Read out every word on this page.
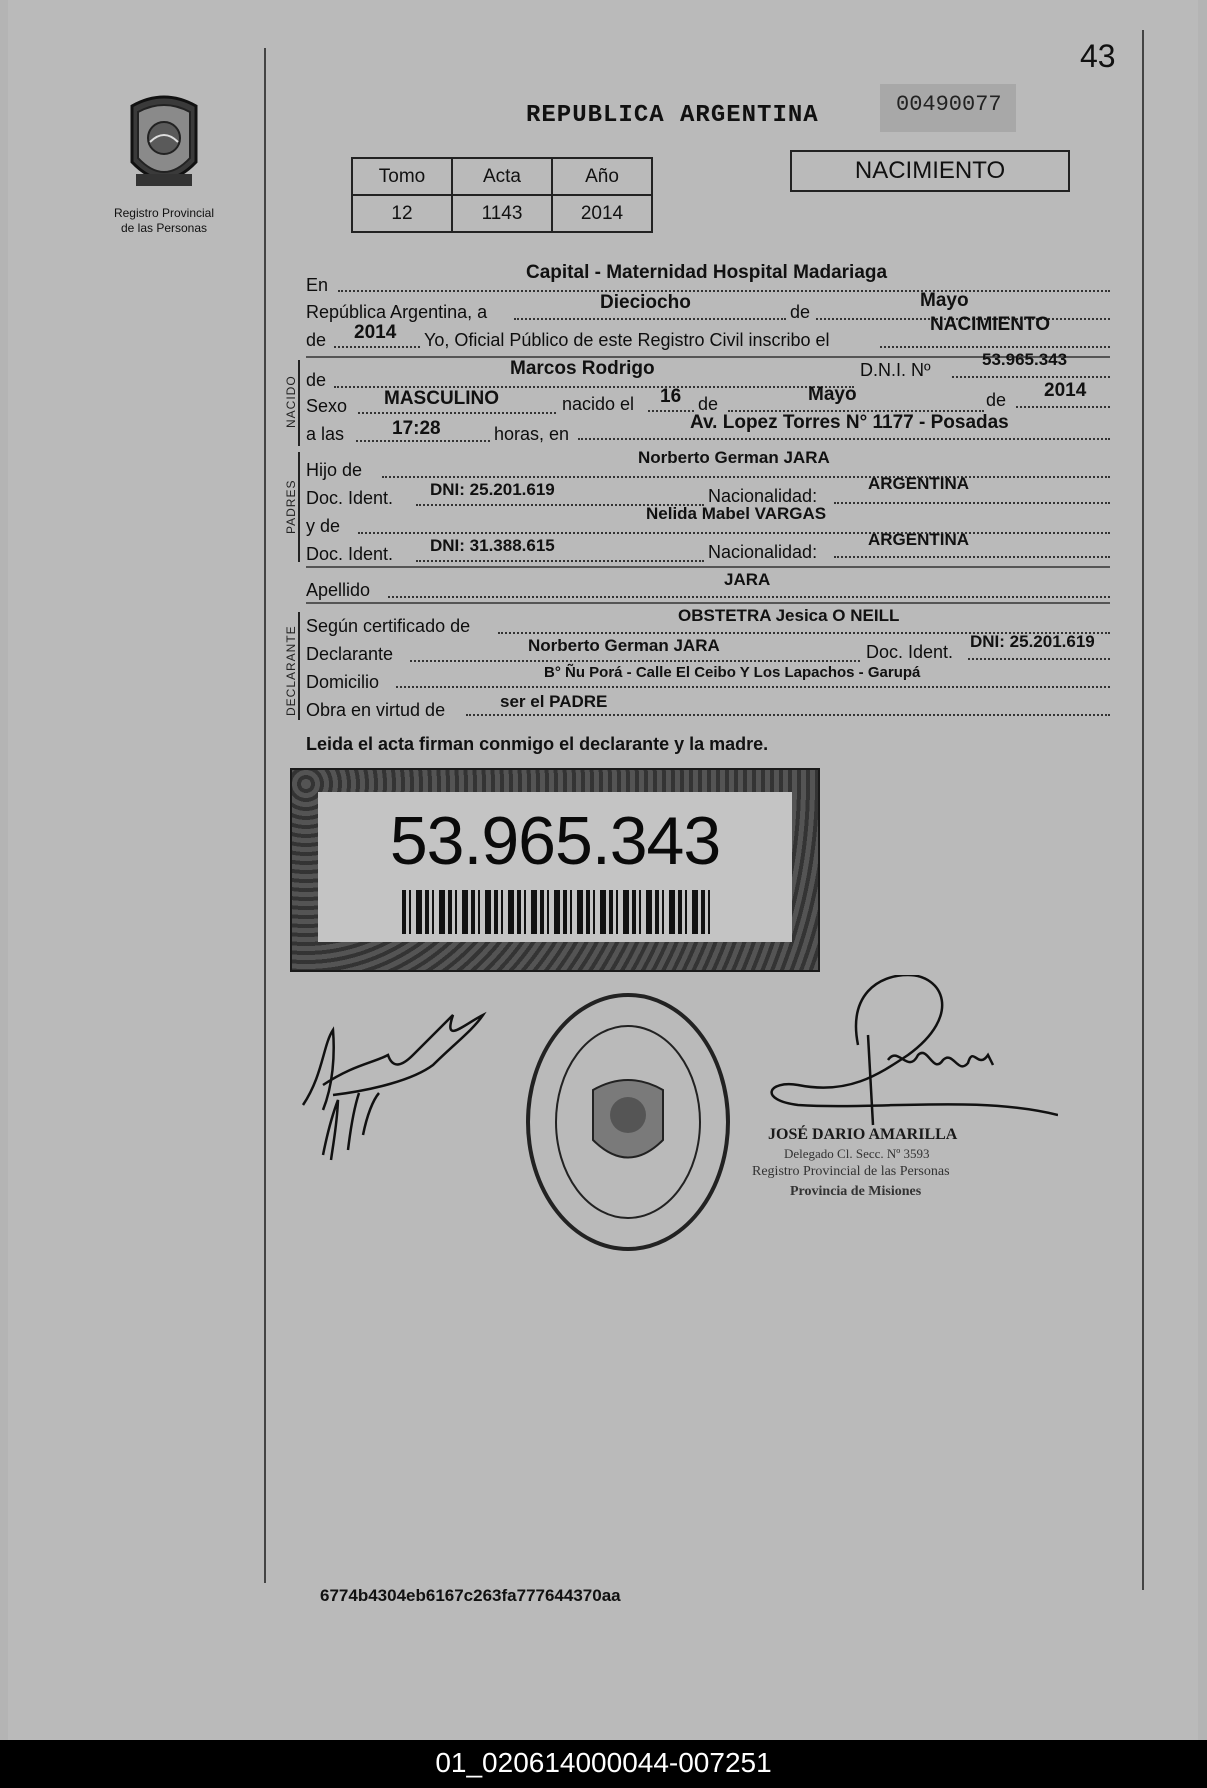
43
Registro Provincial
de las Personas
REPUBLICA ARGENTINA	00490077
Tomo	Acta	Año
12	1143	2014
NACIMIENTO
En
Capital - Maternidad Hospital Madariaga
República Argentina, a	Dieciocho	de
Mayo
de 2014 Yo, Oficial Público de este Registro Civil inscribo el
NACIMIENTO
NACIDO de
Marcos Rodrigo	D.N.I. Nº
53.965.343
Sexo MASCULINO	nacido el 16 de	Mayo	de 2014
a las	17:28	horas, en
Av. Lopez Torres N° 1177 - Posadas
PADRES
Hijo de
Norberto German JARA
Doc. Ident. DNI: 25.201.619	Nacionalidad:
ARGENTINA
y de
Nelida Mabel VARGAS
Doc. Ident. DNI: 31.388.615	Nacionalidad:
ARGENTINA
Apellido
JARA
DECLARANTE Según certificado de
OBSTETRA Jesica O NEILL
Declarante	Norberto German JARA	Doc. Ident.
DNI: 25.201.619
Domicilio	B° Ñu Porá - Calle El Ceibo Y Los Lapachos - Garupá
Obra en virtud de	ser el PADRE
Leida el acta firman conmigo el declarante y la madre.
53.965.343
JOSÉ DARIO AMARILLA
Delegado Cl. Secc. Nº 3593
Registro Provincial de las Personas
Provincia de Misiones
6774b4304eb6167c263fa777644370aa
01_020614000044-007251
